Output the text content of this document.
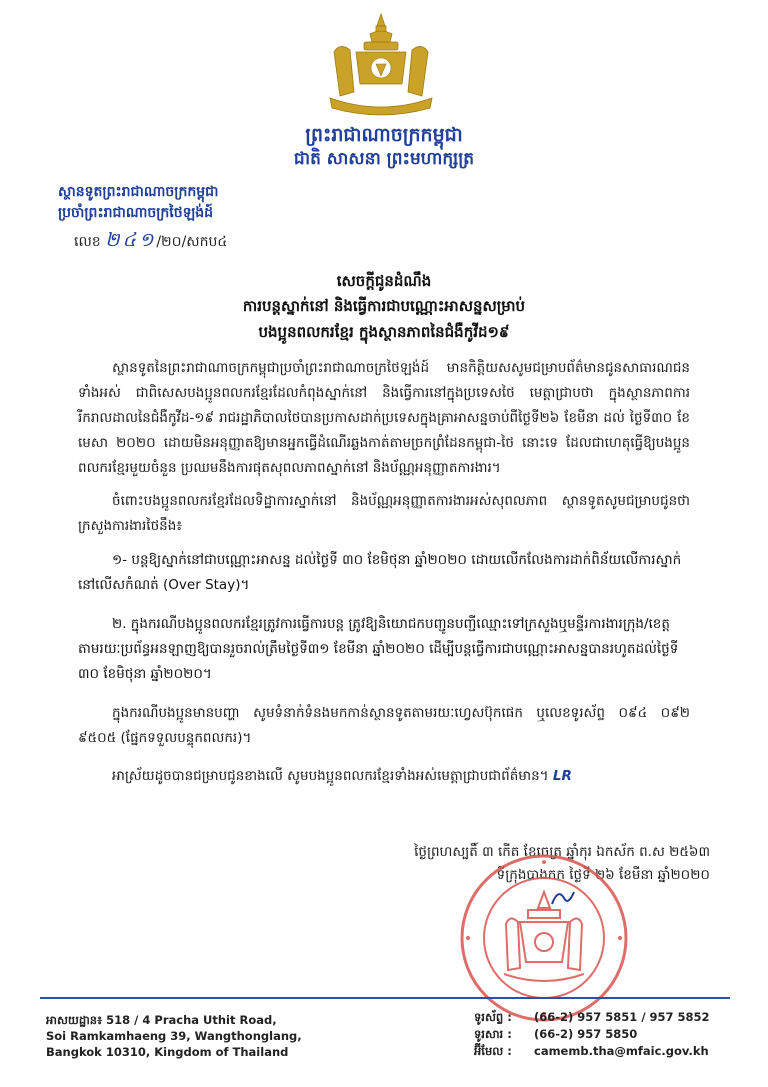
ព្រះរាជាណាចក្រកម្ពុជា
ជាតិ សាសនា ព្រះមហាក្សត្រ
ស្ថានទូតព្រះរាជាណាចក្រកម្ពុជា
ប្រចាំព្រះរាជាណាចក្រថៃឡង់ដ៍
លេខ ២៤១/២០/សកប៤
សេចក្តីជូនដំណឹង
ការបន្តស្នាក់នៅ និងធ្វើការជាបណ្ណោះអាសន្នសម្រាប់
បងប្អូនពលករខ្មែរ ក្នុងស្ថានភាពនៃជំងឺកូវីដ១៩
ស្ថានទូតនៃព្រះរាជាណាចក្រកម្ពុជាប្រចាំព្រះរាជាណាចក្រថៃឡង់ដ៍ មានកិត្តិយសសូមជម្រាបព័ត៌មានជូនសាធារណជនទាំងអស់ ជាពិសេសបងប្អូនពលករខ្មែរដែលកំពុងស្នាក់នៅ និងធ្វើការនៅក្នុងប្រទេសថៃ មេត្តាជ្រាបថា ក្នុងស្ថានភាពការរីករាលដាលនៃជំងឺកូវីដ-១៩ រាជរដ្ឋាភិបាលថៃបានប្រកាសដាក់ប្រទេសក្នុងគ្រាអាសន្នចាប់ពីថ្ងៃទី២៦ ខែមីនា ដល់ ថ្ងៃទី៣០ ខែមេសា ២០២០ ដោយមិនអនុញ្ញាតឱ្យមានអ្នកធ្វើដំណើរឆ្លងកាត់តាមច្រកព្រំដែនកម្ពុជា-ថៃ នោះទេ ដែលជាហេតុធ្វើឱ្យបងប្អូនពលករខ្មែរមួយចំនួន ប្រឈមនឹងការផុតសុពលភាពស្នាក់នៅ និងប័ណ្ណអនុញ្ញាតការងារ។
ចំពោះបងប្អូនពលករខ្មែរដែលទិដ្ឋាការស្នាក់នៅ និងប័ណ្ណអនុញ្ញាតការងារអស់សុពលភាព ស្ថានទូតសូមជម្រាបជូនថា ក្រសួងការងារថៃនឹង៖
១- បន្តឱ្យស្នាក់នៅជាបណ្ណោះអាសន្ន ដល់ថ្ងៃទី ៣០ ខែមិថុនា ឆ្នាំ២០២០ ដោយលើកលែងការដាក់ពិន័យលើការស្នាក់នៅលើសកំណត់ (Over Stay)។
២. ក្នុងករណីបងប្អូនពលករខ្មែរត្រូវការធ្វើការបន្ត ត្រូវឱ្យនិយោជកបញ្ជូនបញ្ជីឈ្មោះទៅក្រសួងឬមន្ទីរការងារក្រុង/ខេត្ត តាមរយៈប្រព័ន្ធអនឡាញឱ្យបានរួចរាល់ត្រឹមថ្ងៃទី៣១ ខែមីនា ឆ្នាំ២០២០ ដើម្បីបន្តធ្វើការជាបណ្ណោះអាសន្នបានរហូតដល់ថ្ងៃទី ៣០ ខែមិថុនា ឆ្នាំ២០២០។
ក្នុងករណីបងប្អូនមានបញ្ហា សូមទំនាក់ទំនងមកកាន់ស្ថានទូតតាមរយៈហ្វេសប៊ុកផេក ឬលេខទូរស័ព្ទ ០៩៤ ០៩២ ៩៥០៥ (ផ្នែកទទួលបន្ទុកពលករ)។
អាស្រ័យដូចបានជម្រាបជូនខាងលើ សូមបងប្អូនពលករខ្មែរទាំងអស់មេត្តាជ្រាបជាព័ត៌មាន។ LR
ថ្ងៃព្រហស្បតិ៍ ៣ កើត ខែចេត្រ ឆ្នាំកុរ ឯកស័ក ព.ស ២៥៦៣
ទីក្រុងបាងកក ថ្ងៃទី ២៦ ខែមីនា ឆ្នាំ២០២០
អាសយដ្ឋាន៖ 518 / 4 Pracha Uthit Road,
Soi Ramkamhaeng 39, Wangthonglang,
Bangkok 10310, Kingdom of Thailand
ទូរស័ព្ទ : (66-2) 957 5851 / 957 5852
ទូរសារ : (66-2) 957 5850
អ៊ីមែល : camemb.tha@mfaic.gov.kh
